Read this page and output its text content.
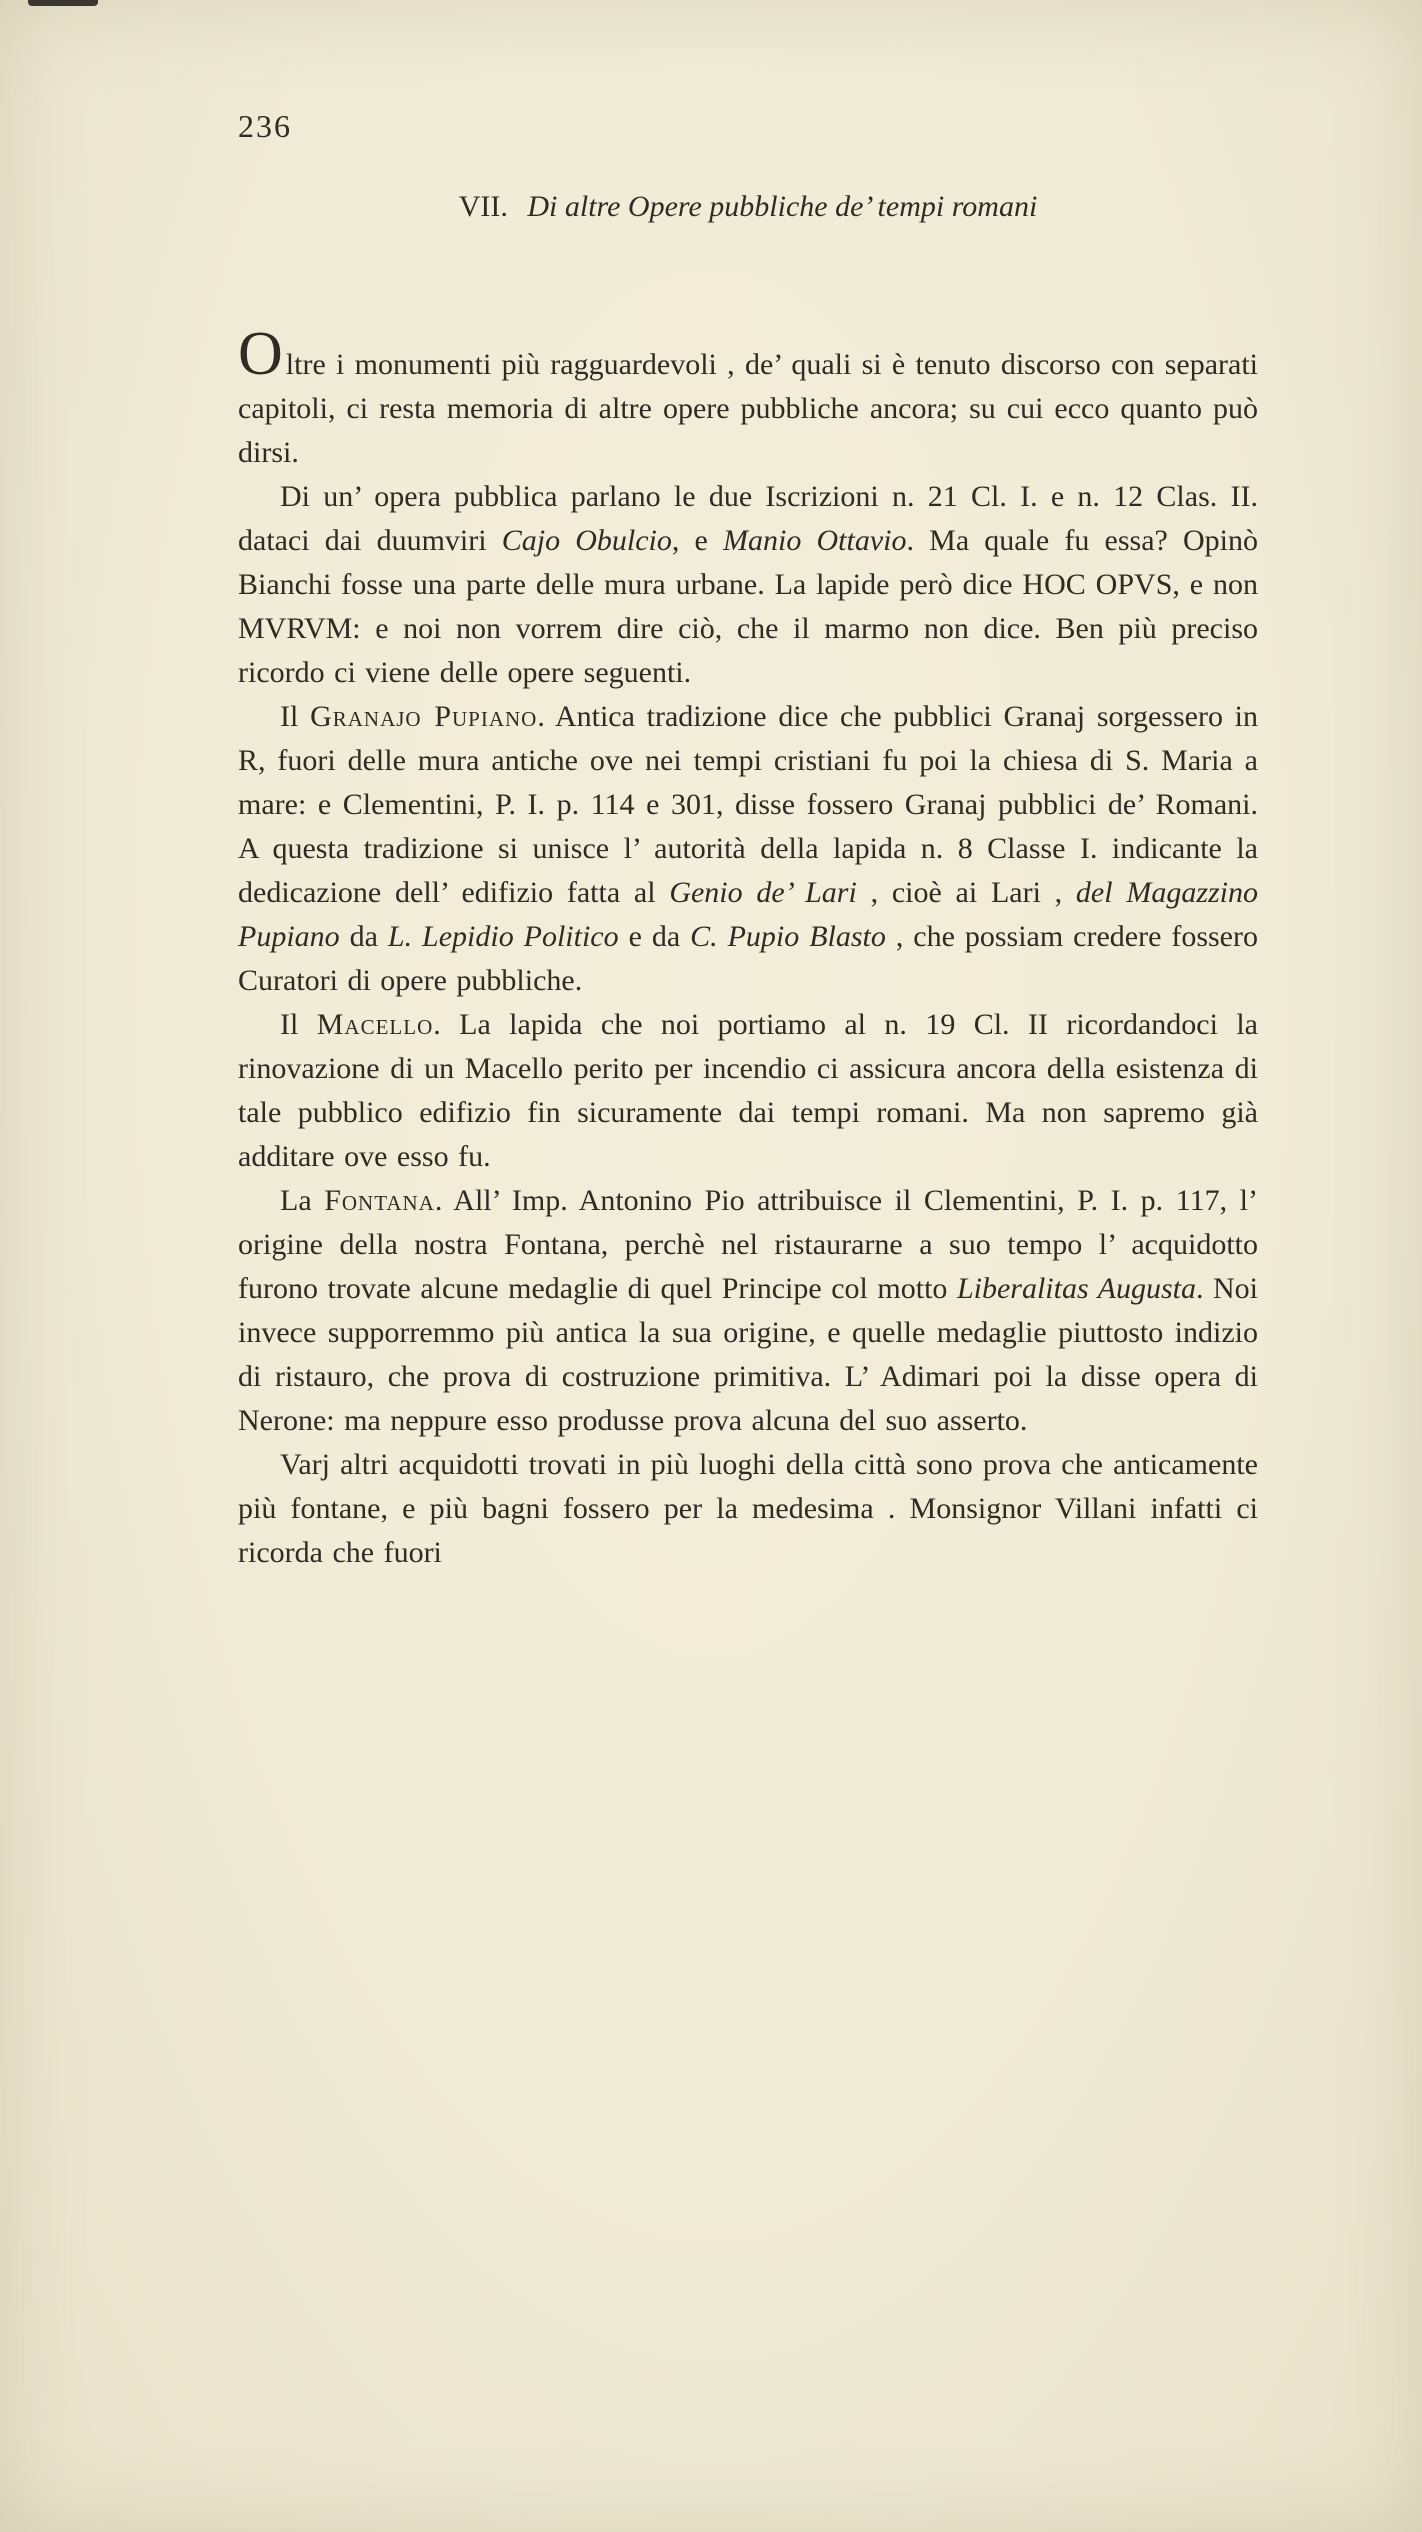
236
VII. Di altre Opere pubbliche de’ tempi romani

Oltre i monumenti più ragguardevoli , de’ quali si è tenuto discorso con separati capitoli, ci resta memoria di altre opere pubbliche ancora; su cui ecco quanto può dirsi.

Di un’ opera pubblica parlano le due Iscrizioni n. 21 Cl. I. e n. 12 Clas. II. dataci dai duumviri Cajo Obulcio, e Manio Ottavio. Ma quale fu essa? Opinò Bianchi fosse una parte delle mura urbane. La lapide però dice HOC OPVS, e non MVRVM: e noi non vorrem dire ciò, che il marmo non dice. Ben più preciso ricordo ci viene delle opere seguenti.

Il Granajo Pupiano. Antica tradizione dice che pubblici Granaj sorgessero in R, fuori delle mura antiche ove nei tempi cristiani fu poi la chiesa di S. Maria a mare: e Clementini, P. I. p. 114 e 301, disse fossero Granaj pubblici de’ Romani. A questa tradizione si unisce l’ autorità della lapida n. 8 Classe I. indicante la dedicazione dell’ edifizio fatta al Genio de’ Lari , cioè ai Lari , del Magazzino Pupiano da L. Lepidio Politico e da C. Pupio Blasto , che possiam credere fossero Curatori di opere pubbliche.

Il Macello. La lapida che noi portiamo al n. 19 Cl. II ricordandoci la rinovazione di un Macello perito per incendio ci assicura ancora della esistenza di tale pubblico edifizio fin sicuramente dai tempi romani. Ma non sapremo già additare ove esso fu.

La Fontana. All’ Imp. Antonino Pio attribuisce il Clementini, P. I. p. 117, l’ origine della nostra Fontana, perchè nel ristaurarne a suo tempo l’ acquidotto furono trovate alcune medaglie di quel Principe col motto Liberalitas Augusta. Noi invece supporremmo più antica la sua origine, e quelle medaglie piuttosto indizio di ristauro, che prova di costruzione primitiva. L’ Adimari poi la disse opera di Nerone: ma neppure esso produsse prova alcuna del suo asserto.

Varj altri acquidotti trovati in più luoghi della città sono prova che anticamente più fontane, e più bagni fossero per la medesima . Monsignor Villani infatti ci ricorda che fuori
